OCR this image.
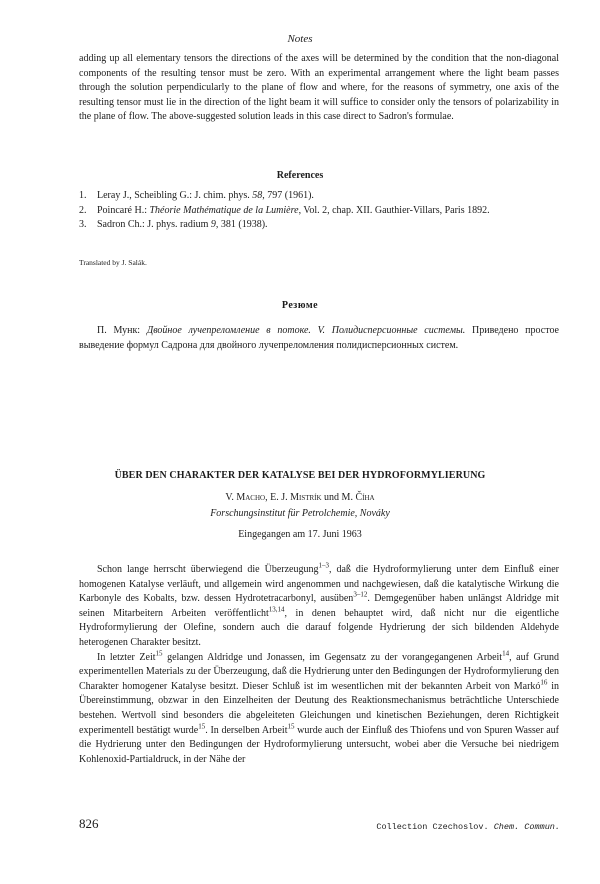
Notes

adding up all elementary tensors the directions of the axes will be determined by the condition that the non-diagonal components of the resulting tensor must be zero. With an experimental arrangement where the light beam passes through the solution perpendicularly to the plane of flow and where, for the reasons of symmetry, one axis of the resulting tensor must lie in the direction of the light beam it will suffice to consider only the tensors of polarizability in the plane of flow. The above-suggested solution leads in this case direct to Sadron's formulae.

References
1. Leray J., Scheibling G.: J. chim. phys. 58, 797 (1961).
2. Poincaré H.: Théorie Mathématique de la Lumière, Vol. 2, chap. XII. Gauthier-Villars, Paris 1892.
3. Sadron Ch.: J. phys. radium 9, 381 (1938).
Translated by J. Salák.
Резюме

П. Мунк: Двойное лучепреломление в потоке. V. Полидисперсионные системы. Приведено простое выведение формул Садрона для двойного лучепреломления полидисперсионных систем.

ÜBER DEN CHARAKTER DER KATALYSE BEI DER HYDROFORMYLIERUNG
V. Macho, E. J. Mistrík und M. Číha
Forschungsinstitut für Petrolchemie, Nováky
Eingegangen am 17. Juni 1963

Schon lange herrscht überwiegend die Überzeugung$^{1-3}$, daß die Hydroformylierung unter dem Einfluß einer homogenen Katalyse verläuft, und allgemein wird angenommen und nachgewiesen, daß die katalytische Wirkung die Karbonyle des Kobalts, bzw. dessen Hydrotetracarbonyl, ausüben$^{3-12}$. Demgegenüber haben unlängst Aldridge mit seinen Mitarbeitern Arbeiten veröffentlicht$^{13,14}$, in denen behauptet wird, daß nicht nur die eigentliche Hydroformylierung der Olefine, sondern auch die darauf folgende Hydrierung der sich bildenden Aldehyde heterogenen Charakter besitzt.

In letzter Zeit$^{15}$ gelangen Aldridge und Jonassen, im Gegensatz zu der vorangegangenen Arbeit$^{14}$, auf Grund experimentellen Materials zu der Überzeugung, daß die Hydrierung unter den Bedingungen der Hydroformylierung den Charakter homogener Katalyse besitzt. Dieser Schluß ist im wesentlichen mit der bekannten Arbeit von Markó$^{16}$ in Übereinstimmung, obzwar in den Einzelheiten der Deutung des Reaktionsmechanismus beträchtliche Unterschiede bestehen. Wertvoll sind besonders die abgeleiteten Gleichungen und kinetischen Beziehungen, deren Richtigkeit experimentell bestätigt wurde$^{15}$. In derselben Arbeit$^{15}$ wurde auch der Einfluß des Thiofens und von Spuren Wasser auf die Hydrierung unter den Bedingungen der Hydroformylierung untersucht, wobei aber die Versuche bei niedrigem Kohlenoxid-Partialdruck, in der Nähe der

826	Collection Czechoslov. Chem. Commun.
